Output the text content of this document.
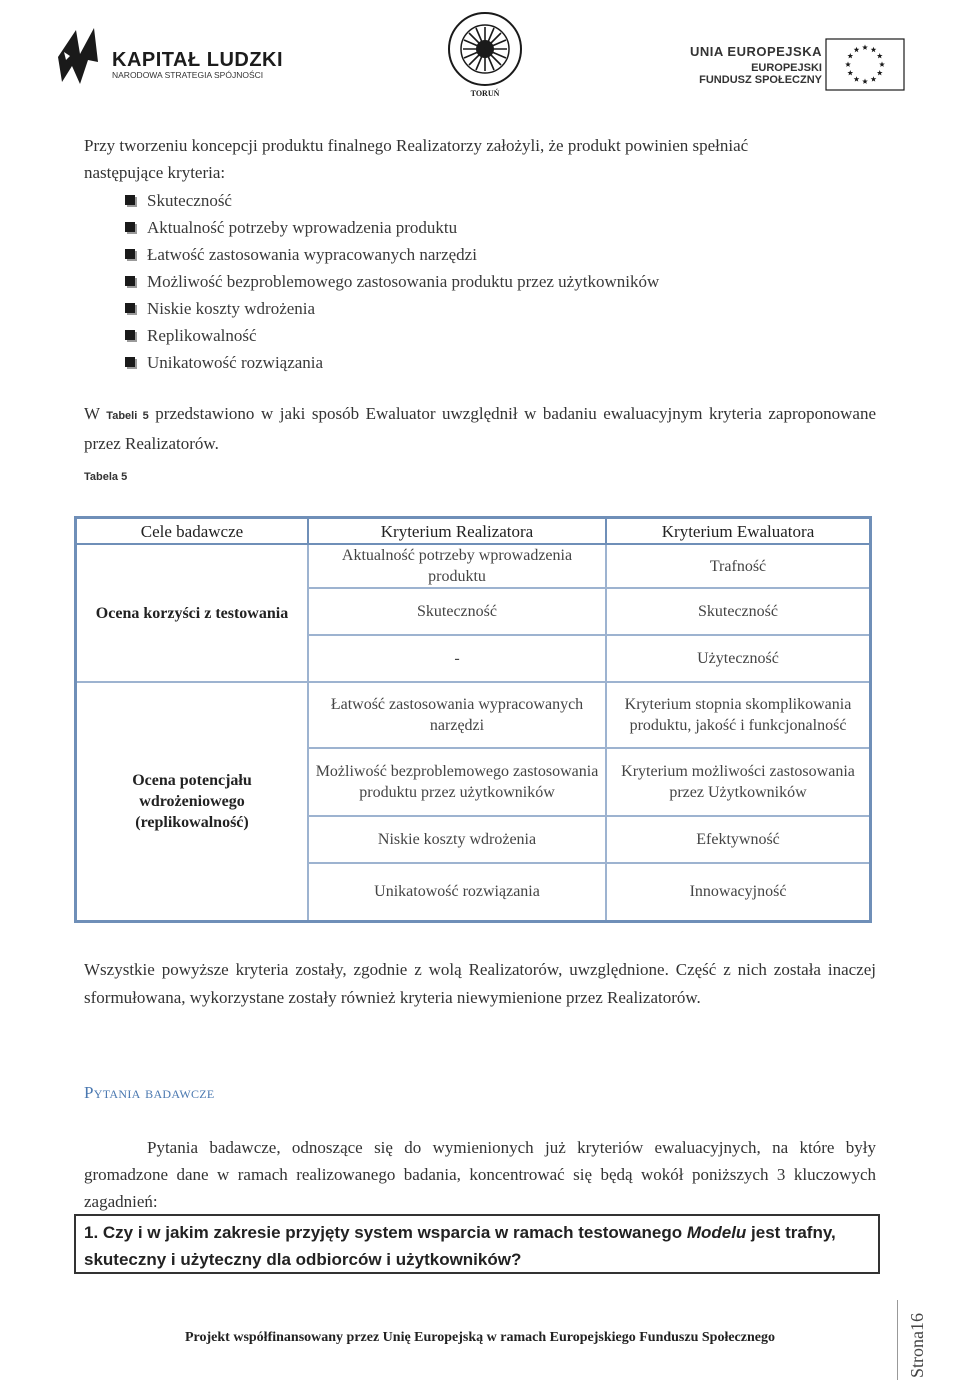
KAPITAŁ LUDZKI
NARODOWA STRATEGIA SPÓJNOŚCI
TORUŃ
UNIA EUROPEJSKA
EUROPEJSKI
FUNDUSZ SPOŁECZNY

Przy tworzeniu koncepcji produktu finalnego Realizatorzy założyli, że produkt powinien spełniać

następujące kryteria:

Skuteczność
Aktualność potrzeby wprowadzenia produktu
Łatwość zastosowania wypracowanych narzędzi
Możliwość bezproblemowego zastosowania produktu przez użytkowników
Niskie koszty wdrożenia
Replikowalność
Unikatowość rozwiązania
W Tabeli 5 przedstawiono w jaki sposób Ewaluator uwzględnił w badaniu ewaluacyjnym kryteria zaproponowane przez Realizatorów.
Tabela 5
Cele badawcze	Kryterium Realizatora	Kryterium Ewaluatora
Ocena korzyści z testowania	Aktualność potrzeby wprowadzenia produktu	Trafność
	Skuteczność	Skuteczność
	-	Użyteczność
Ocena potencjału wdrożeniowego (replikowalność)	Łatwość zastosowania wypracowanych narzędzi	Kryterium stopnia skomplikowania produktu, jakość i funkcjonalność
	Możliwość bezproblemowego zastosowania produktu przez użytkowników	Kryterium możliwości zastosowania przez Użytkowników
	Niskie koszty wdrożenia	Efektywność
	Unikatowość rozwiązania	Innowacyjność
Wszystkie powyższe kryteria zostały, zgodnie z wolą Realizatorów, uwzględnione. Część z nich została inaczej sformułowana, wykorzystane zostały również kryteria niewymienione przez Realizatorów.
Pytania badawcze
Pytania badawcze, odnoszące się do wymienionych już kryteriów ewaluacyjnych, na które były gromadzone dane w ramach realizowanego badania, koncentrować się będą wokół poniższych 3 kluczowych zagadnień:
1. Czy i w jakim zakresie przyjęty system wsparcia w ramach testowanego Modelu jest trafny, skuteczny i użyteczny dla odbiorców i użytkowników?
Projekt współfinansowany przez Unię Europejską w ramach Europejskiego Funduszu Społecznego	Strona16
